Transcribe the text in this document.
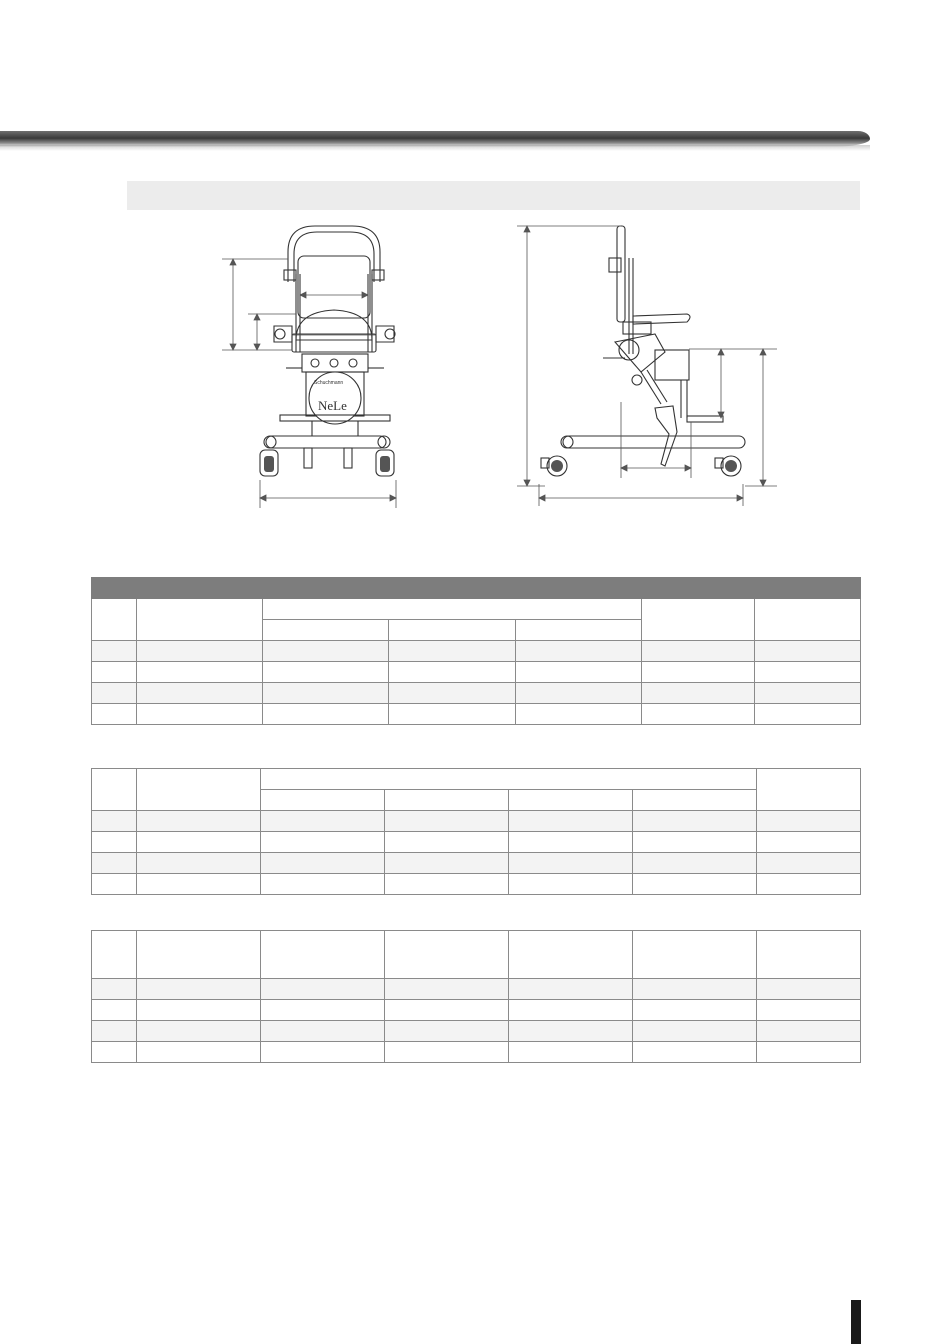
Schuchmann
NeLe
